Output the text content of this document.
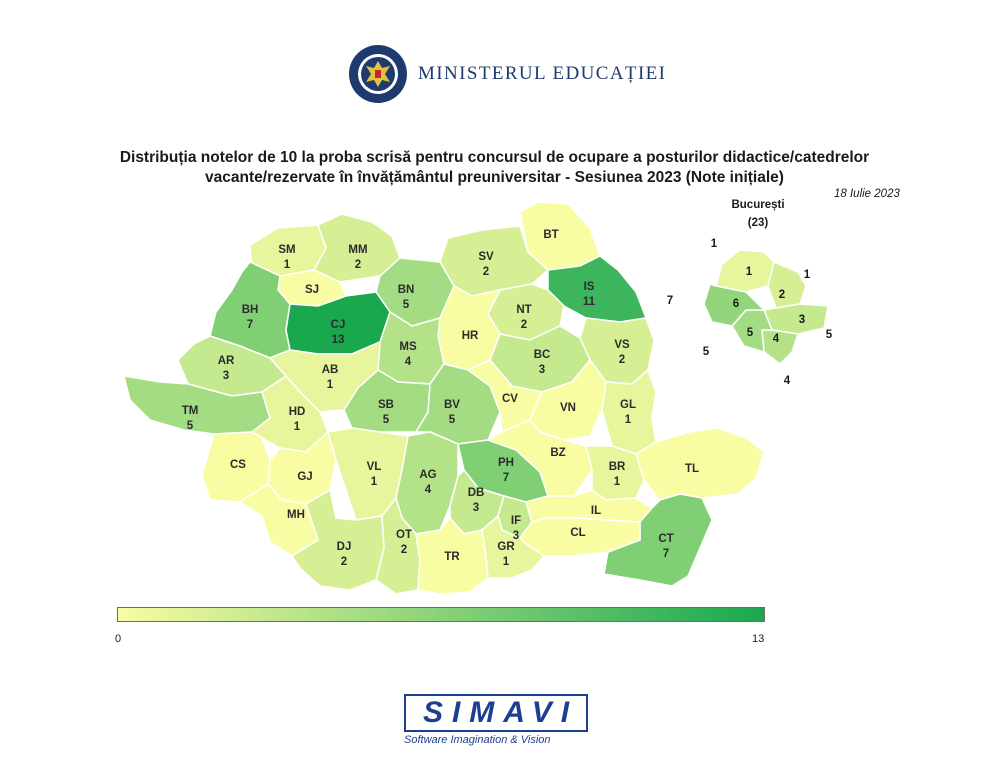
MINISTERUL EDUCAȚIEI
Distribuția notelor de 10 la proba scrisă pentru concursul de ocupare a posturilor didactice/catedrelor
vacante/rezervate în învățământul preuniversitar - Sesiunea 2023 (Note inițiale)
18 Iulie 2023
SM
1
MM
2
BT
SV
2
SJ	BN
5
IS
11
BH
7	CJ
13
NT
2
HR
MS
4
VS
2
BC
3
AR
3	AB
1
TM
5
HD
1
SB
5
BV
5
CV
VN	GL
1
CS
GJ
VL
1
AG
4
PH
7
BZ
BR
1
TL
MH
DB
3
IF
3
DJ
2
OT
2
IL
CT
7
CL
TR
GR
1
București
(23)
1
2
3
4
5
6
1
1
7
5
5
4
0	13
SIMAVI
Software Imagination & Vision
